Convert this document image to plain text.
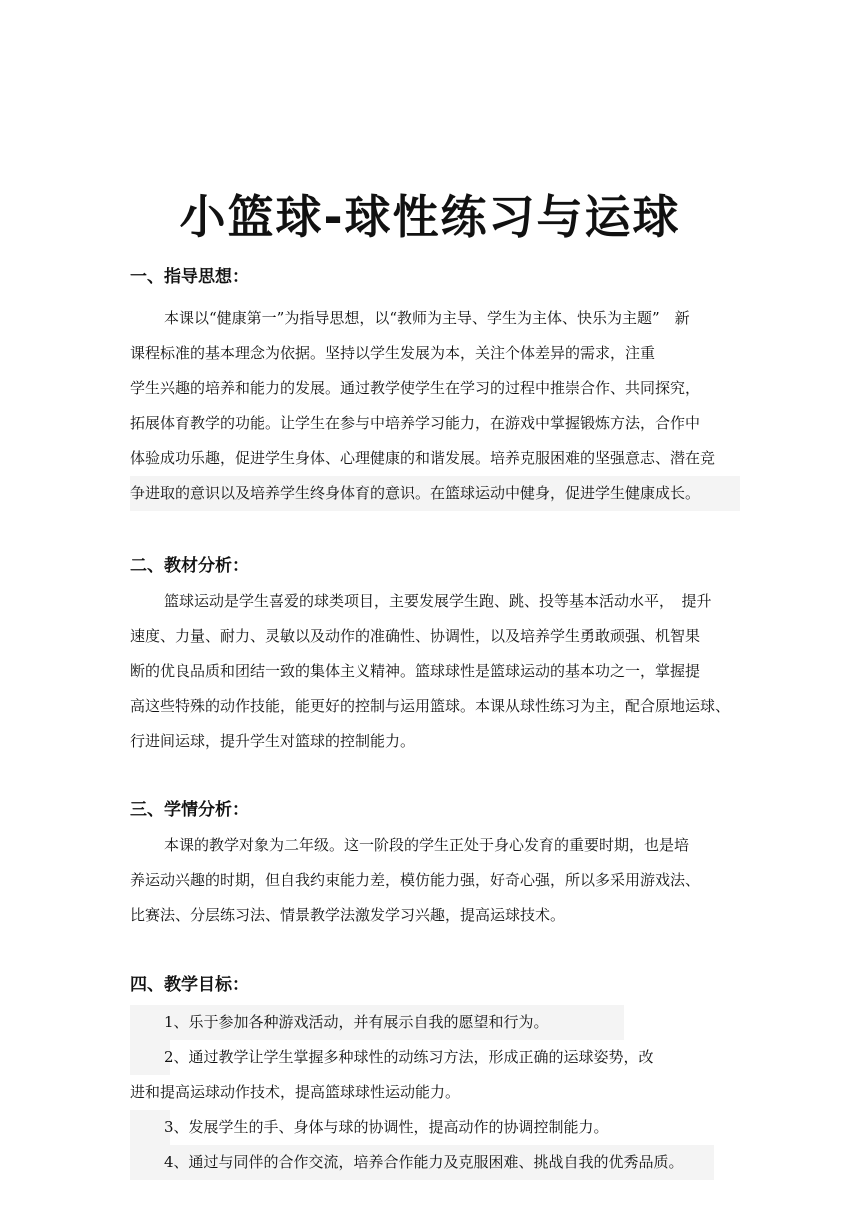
小篮球-球性练习与运球
一、指导思想：
本课以“健康第一”为指导思想，以“教师为主导、学生为主体、快乐为主题”　新
课程标准的基本理念为依据。坚持以学生发展为本，关注个体差异的需求，注重
学生兴趣的培养和能力的发展。通过教学使学生在学习的过程中推崇合作、共同探究，
拓展体育教学的功能。让学生在参与中培养学习能力，在游戏中掌握锻炼方法，合作中
体验成功乐趣，促进学生身体、心理健康的和谐发展。培养克服困难的坚强意志、潜在竞
争进取的意识以及培养学生终身体育的意识。在篮球运动中健身，促进学生健康成长。
二、教材分析：
篮球运动是学生喜爱的球类项目，主要发展学生跑、跳、投等基本活动水平，　提升
速度、力量、耐力、灵敏以及动作的准确性、协调性，以及培养学生勇敢顽强、机智果
断的优良品质和团结一致的集体主义精神。篮球球性是篮球运动的基本功之一，掌握提
高这些特殊的动作技能，能更好的控制与运用篮球。本课从球性练习为主，配合原地运球、
行进间运球，提升学生对篮球的控制能力。
三、学情分析：
本课的教学对象为二年级。这一阶段的学生正处于身心发育的重要时期，也是培
养运动兴趣的时期，但自我约束能力差，模仿能力强，好奇心强，所以多采用游戏法、
比赛法、分层练习法、情景教学法激发学习兴趣，提高运球技术。
四、教学目标：
1、乐于参加各种游戏活动，并有展示自我的愿望和行为。
2、通过教学让学生掌握多种球性的动练习方法，形成正确的运球姿势，改
进和提高运球动作技术，提高篮球球性运动能力。
3、发展学生的手、身体与球的协调性，提高动作的协调控制能力。
4、通过与同伴的合作交流，培养合作能力及克服困难、挑战自我的优秀品质。
